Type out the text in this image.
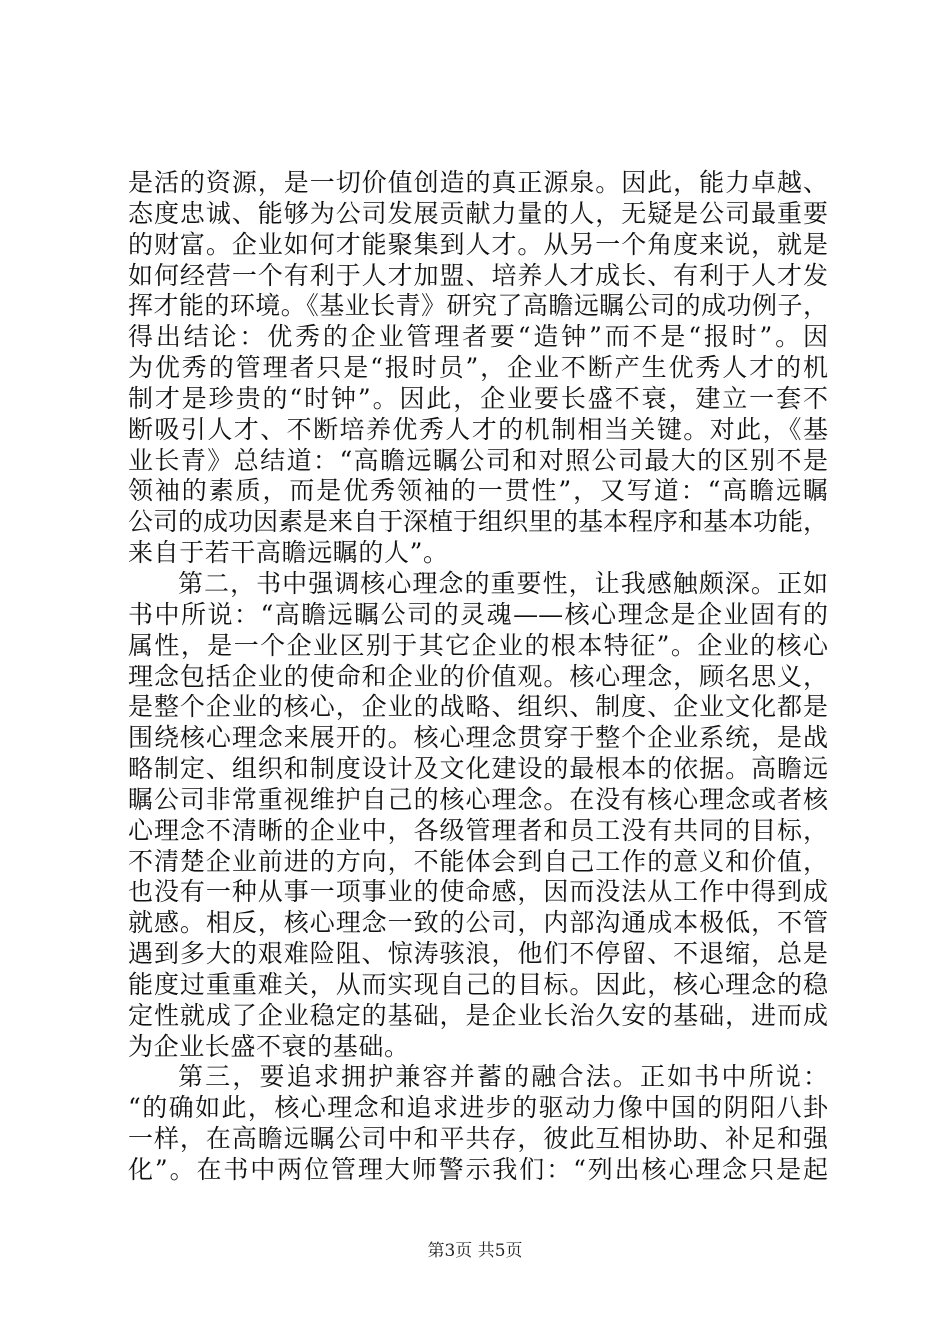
是活的资源，是一切价值创造的真正源泉。因此，能力卓越、
态度忠诚、能够为公司发展贡献力量的人，无疑是公司最重要
的财富。企业如何才能聚集到人才。从另一个角度来说，就是
如何经营一个有利于人才加盟、培养人才成长、有利于人才发
挥才能的环境。《基业长青》研究了高瞻远瞩公司的成功例子，
得出结论：优秀的企业管理者要“造钟”而不是“报时”。因
为优秀的管理者只是“报时员”，企业不断产生优秀人才的机
制才是珍贵的“时钟”。因此，企业要长盛不衰，建立一套不
断吸引人才、不断培养优秀人才的机制相当关键。对此，《基
业长青》总结道：“高瞻远瞩公司和对照公司最大的区别不是
领袖的素质，而是优秀领袖的一贯性”，又写道：“高瞻远瞩
公司的成功因素是来自于深植于组织里的基本程序和基本功能，
来自于若干高瞻远瞩的人”。
第二，书中强调核心理念的重要性，让我感触颇深。正如
书中所说：“高瞻远瞩公司的灵魂——核心理念是企业固有的
属性，是一个企业区别于其它企业的根本特征”。企业的核心
理念包括企业的使命和企业的价值观。核心理念，顾名思义，
是整个企业的核心，企业的战略、组织、制度、企业文化都是
围绕核心理念来展开的。核心理念贯穿于整个企业系统，是战
略制定、组织和制度设计及文化建设的最根本的依据。高瞻远
瞩公司非常重视维护自己的核心理念。在没有核心理念或者核
心理念不清晰的企业中，各级管理者和员工没有共同的目标，
不清楚企业前进的方向，不能体会到自己工作的意义和价值，
也没有一种从事一项事业的使命感，因而没法从工作中得到成
就感。相反，核心理念一致的公司，内部沟通成本极低，不管
遇到多大的艰难险阻、惊涛骇浪，他们不停留、不退缩，总是
能度过重重难关，从而实现自己的目标。因此，核心理念的稳
定性就成了企业稳定的基础，是企业长治久安的基础，进而成
为企业长盛不衰的基础。
第三，要追求拥护兼容并蓄的融合法。正如书中所说：
“的确如此，核心理念和追求进步的驱动力像中国的阴阳八卦
一样，在高瞻远瞩公司中和平共存，彼此互相协助、补足和强
化”。在书中两位管理大师警示我们：“列出核心理念只是起
第3页 共5页
